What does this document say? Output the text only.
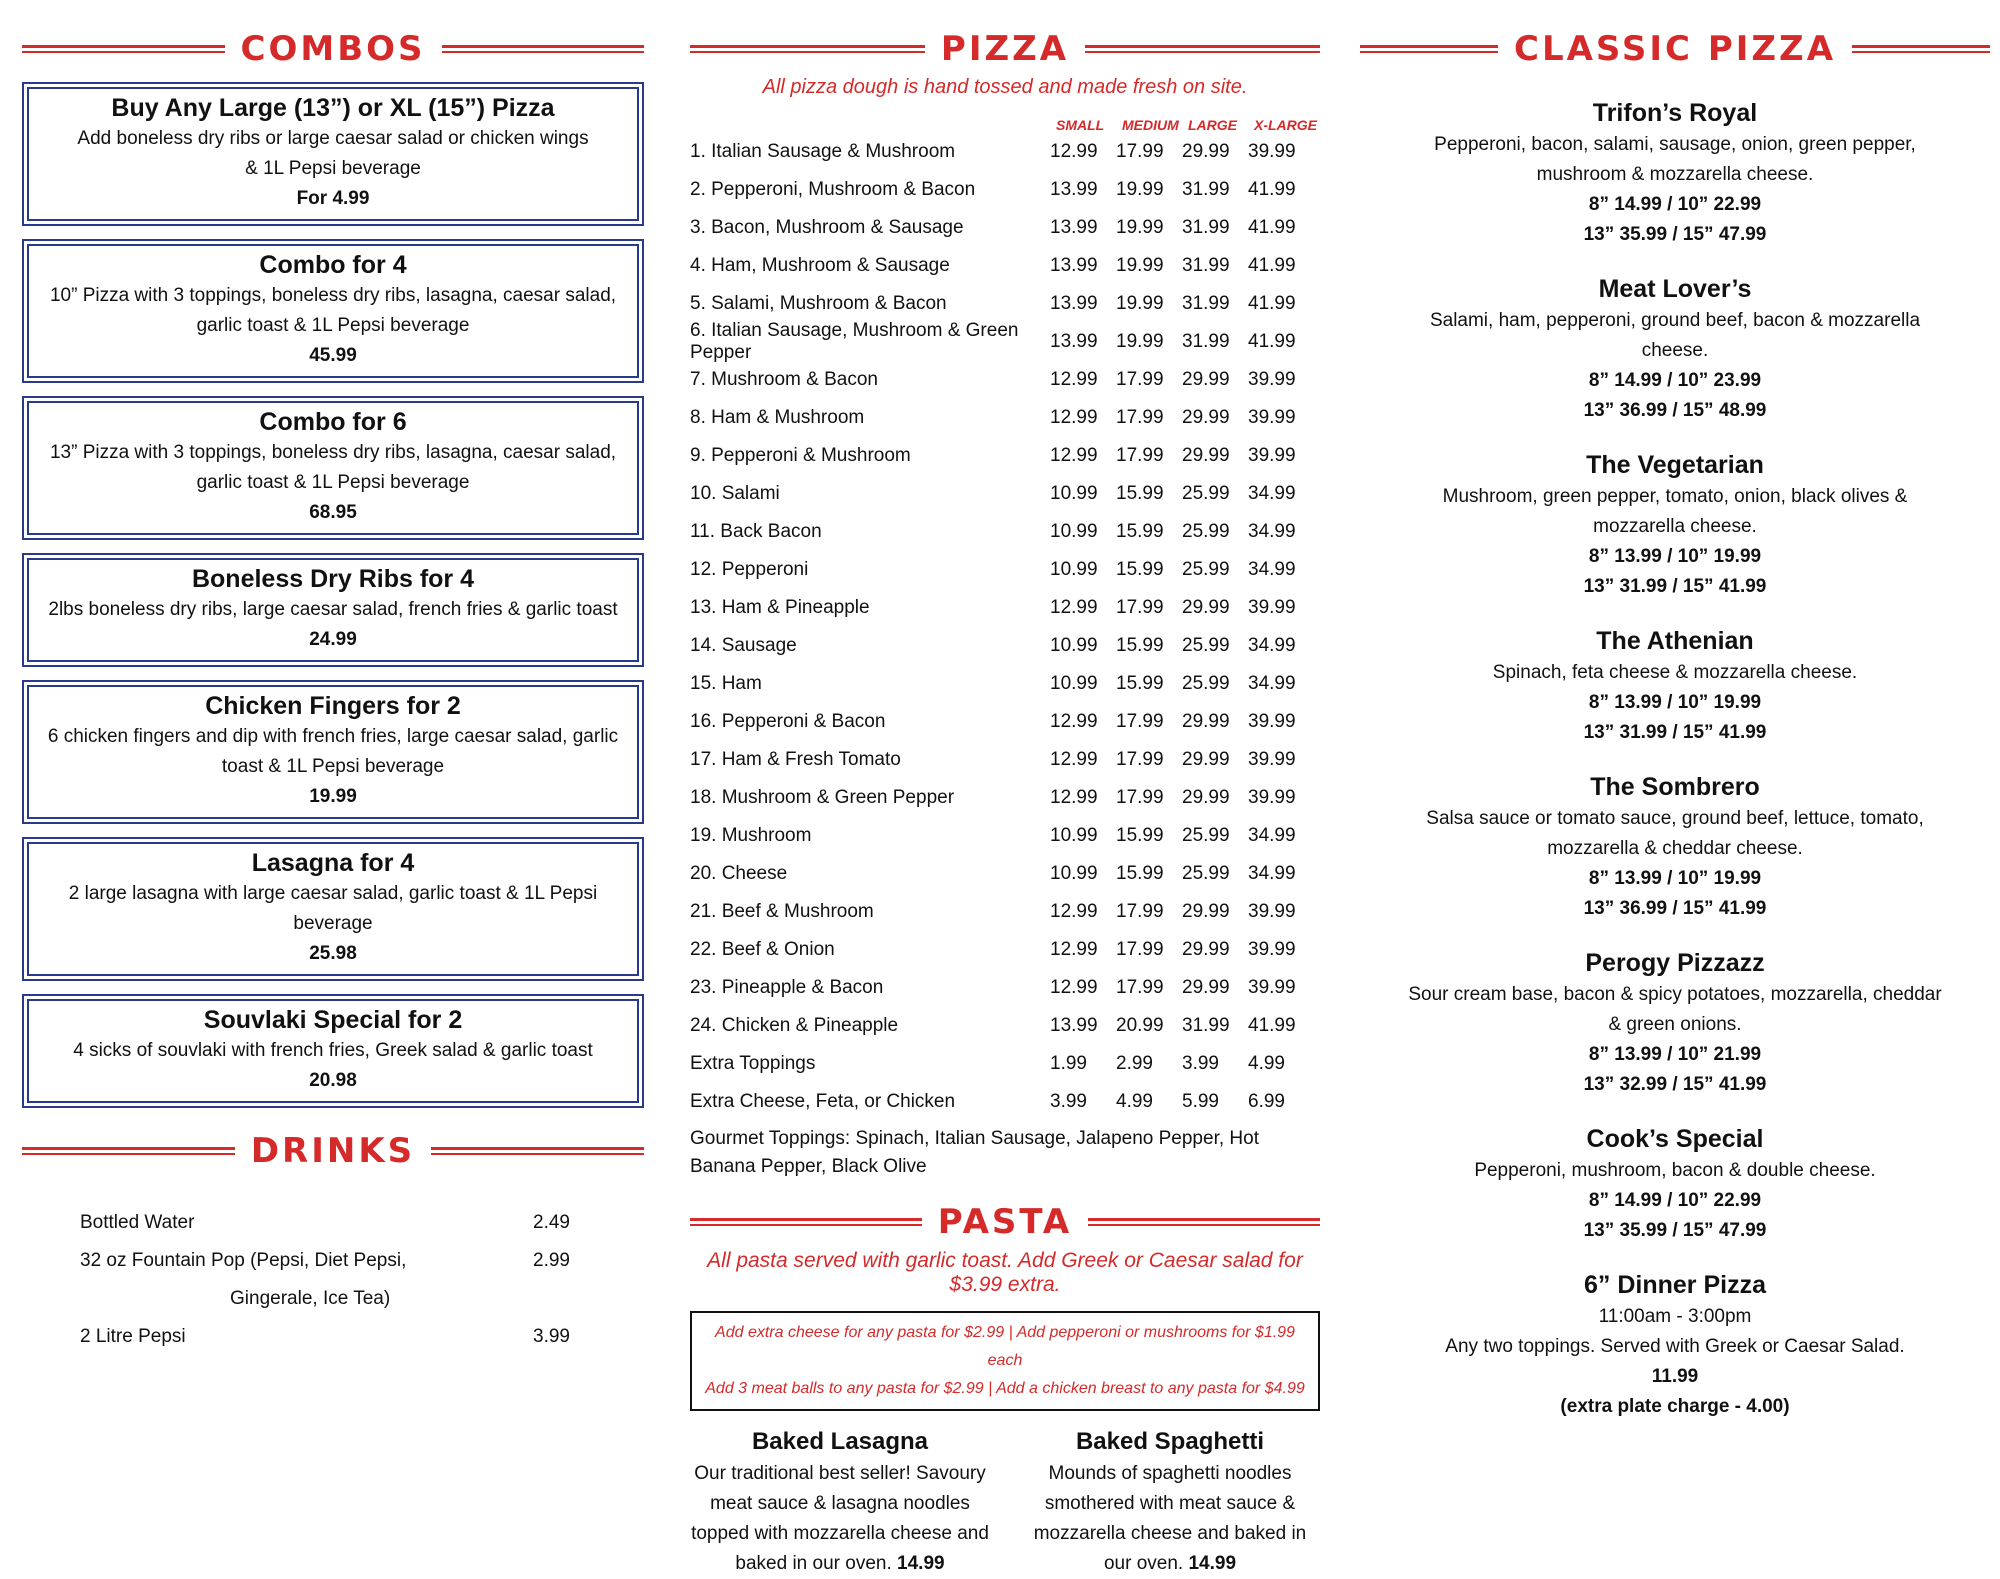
COMBOS
Buy Any Large (13”) or XL (15”) Pizza
Add boneless dry ribs or large caesar salad or chicken wings & 1L Pepsi beverage
For 4.99
Combo for 4
10” Pizza with 3 toppings, boneless dry ribs, lasagna, caesar salad, garlic toast & 1L Pepsi beverage
45.99
Combo for 6
13” Pizza with 3 toppings, boneless dry ribs, lasagna, caesar salad, garlic toast & 1L Pepsi beverage
68.95
Boneless Dry Ribs for 4
2lbs boneless dry ribs, large caesar salad, french fries & garlic toast
24.99
Chicken Fingers for 2
6 chicken fingers and dip with french fries, large caesar salad, garlic toast & 1L Pepsi beverage
19.99
Lasagna for 4
2 large lasagna with large caesar salad, garlic toast & 1L Pepsi beverage
25.98
Souvlaki Special for 2
4 sicks of souvlaki with french fries, Greek salad & garlic toast
20.98
DRINKS
Bottled Water	2.49
32 oz Fountain Pop (Pepsi, Diet Pepsi,	2.99
Gingerale, Ice Tea)
2 Litre Pepsi	3.99
PIZZA
All pizza dough is hand tossed and made fresh on site.
SMALL	MEDIUM LARGE	X-LARGE
1. Italian Sausage & Mushroom	12.99 17.99 29.99 39.99
2. Pepperoni, Mushroom & Bacon	13.99 19.99 31.99 41.99
3. Bacon, Mushroom & Sausage	13.99 19.99 31.99 41.99
4. Ham, Mushroom & Sausage	13.99 19.99 31.99 41.99
5. Salami, Mushroom & Bacon	13.99 19.99 31.99 41.99
6. Italian Sausage, Mushroom & Green Pepper
13.99 19.99 31.99 41.99
7. Mushroom & Bacon	12.99 17.99 29.99 39.99
8. Ham & Mushroom	12.99 17.99 29.99 39.99
9. Pepperoni & Mushroom	12.99 17.99 29.99 39.99
10. Salami	10.99 15.99 25.99 34.99
11. Back Bacon	10.99 15.99 25.99 34.99
12. Pepperoni	10.99 15.99 25.99 34.99
13. Ham & Pineapple	12.99 17.99 29.99 39.99
14. Sausage	10.99 15.99 25.99 34.99
15. Ham	10.99 15.99 25.99 34.99
16. Pepperoni & Bacon	12.99 17.99 29.99 39.99
17. Ham & Fresh Tomato	12.99 17.99 29.99 39.99
18. Mushroom & Green Pepper	12.99 17.99 29.99 39.99
19. Mushroom	10.99 15.99 25.99 34.99
20. Cheese	10.99 15.99 25.99 34.99
21. Beef & Mushroom	12.99 17.99 29.99 39.99
22. Beef & Onion	12.99 17.99 29.99 39.99
23. Pineapple & Bacon	12.99 17.99 29.99 39.99
24. Chicken & Pineapple	13.99 20.99 31.99 41.99
Extra Toppings	1.99	2.99	3.99	4.99
Extra Cheese, Feta, or Chicken	3.99	4.99	5.99	6.99
Gourmet Toppings: Spinach, Italian Sausage, Jalapeno Pepper, Hot Banana Pepper, Black Olive
PASTA
All pasta served with garlic toast. Add Greek or Caesar salad for $3.99 extra.
Add extra cheese for any pasta for $2.99 | Add pepperoni or mushrooms for $1.99 each
Add 3 meat balls to any pasta for $2.99 | Add a chicken breast to any pasta for $4.99
Baked Lasagna
Our traditional best seller! Savoury meat sauce & lasagna noodles topped with mozzarella cheese and baked in our oven. 14.99
Baked Spaghetti
Mounds of spaghetti noodles smothered with meat sauce & mozzarella cheese and baked in our oven. 14.99
CLASSIC PIZZA
Trifon’s Royal
Pepperoni, bacon, salami, sausage, onion, green pepper, mushroom & mozzarella cheese.
8” 14.99 / 10” 22.99
13” 35.99 / 15” 47.99
Meat Lover’s
Salami, ham, pepperoni, ground beef, bacon & mozzarella cheese.
8” 14.99 / 10” 23.99
13” 36.99 / 15” 48.99
The Vegetarian
Mushroom, green pepper, tomato, onion, black olives & mozzarella cheese.
8” 13.99 / 10” 19.99
13” 31.99 / 15” 41.99
The Athenian
Spinach, feta cheese & mozzarella cheese.
8” 13.99 / 10” 19.99
13” 31.99 / 15” 41.99
The Sombrero
Salsa sauce or tomato sauce, ground beef, lettuce, tomato, mozzarella & cheddar cheese.
8” 13.99 / 10” 19.99
13” 36.99 / 15” 41.99
Perogy Pizzazz
Sour cream base, bacon & spicy potatoes, mozzarella, cheddar & green onions.
8” 13.99 / 10” 21.99
13” 32.99 / 15” 41.99
Cook’s Special
Pepperoni, mushroom, bacon & double cheese.
8” 14.99 / 10” 22.99
13” 35.99 / 15” 47.99
6” Dinner Pizza
11:00am - 3:00pm
Any two toppings. Served with Greek or Caesar Salad.
11.99
(extra plate charge - 4.00)
